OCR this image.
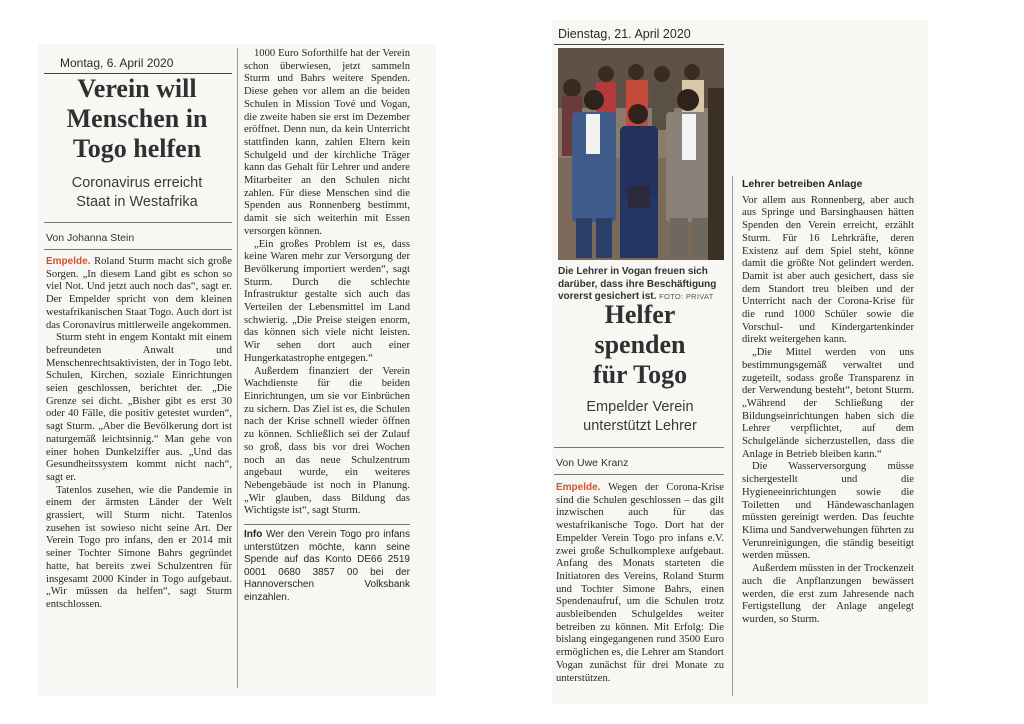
Montag, 6. April 2020
Verein will
Menschen in
Togo helfen
Coronavirus erreicht
Staat in Westafrika
Von Johanna Stein

Empelde. Roland Sturm macht sich große Sorgen. „In diesem Land gibt es schon so viel Not. Und jetzt auch noch das“, sagt er. Der Empelder spricht von dem kleinen westafrikanischen Staat Togo. Auch dort ist das Coronavirus mittlerweile angekommen.

Sturm steht in engem Kontakt mit einem befreundeten Anwalt und Menschenrechtsaktivisten, der in Togo lebt. Schulen, Kirchen, soziale Einrichtungen seien geschlossen, berichtet der. „Die Grenze sei dicht. „Bisher gibt es erst 30 oder 40 Fälle, die positiv getestet wurden“, sagt Sturm. „Aber die Bevölkerung dort ist naturgemäß leichtsinnig.“ Man gehe von einer hohen Dunkelziffer aus. „Und das Gesundheitssystem kommt nicht nach“, sagt er.

Tatenlos zusehen, wie die Pandemie in einem der ärmsten Länder der Welt grassiert, will Sturm nicht. Tatenlos zusehen ist sowieso nicht seine Art. Der Verein Togo pro infans, den er 2014 mit seiner Tochter Simone Bahrs gegründet hatte, hat bereits zwei Schulzentren für insgesamt 2000 Kinder in Togo aufgebaut. „Wir müssen da helfen“, sagt Sturm entschlossen.

1000 Euro Soforthilfe hat der Verein schon überwiesen, jetzt sammeln Sturm und Bahrs weitere Spenden. Diese gehen vor allem an die beiden Schulen in Mission Tové und Vogan, die zweite haben sie erst im Dezember eröffnet. Denn nun, da kein Unterricht stattfinden kann, zahlen Eltern kein Schulgeld und der kirchliche Träger kann das Gehalt für Lehrer und andere Mitarbeiter an den Schulen nicht zahlen. Für diese Menschen sind die Spenden aus Ronnenberg bestimmt, damit sie sich weiterhin mit Essen versorgen können.

„Ein großes Problem ist es, dass keine Waren mehr zur Versorgung der Bevölkerung importiert werden“, sagt Sturm. Durch die schlechte Infrastruktur gestalte sich auch das Verteilen der Lebensmittel im Land schwierig. „Die Preise steigen enorm, das können sich viele nicht leisten. Wir sehen dort auch einer Hungerkatastrophe entgegen.“

Außerdem finanziert der Verein Wachdienste für die beiden Einrichtungen, um sie vor Einbrüchen zu sichern. Das Ziel ist es, die Schulen nach der Krise schnell wieder öffnen zu können. Schließlich sei der Zulauf so groß, dass bis vor drei Wochen noch an das neue Schulzentrum angebaut wurde, ein weiteres Nebengebäude ist noch in Planung. „Wir glauben, dass Bildung das Wichtigste ist“, sagt Sturm.

Info Wer den Verein Togo pro infans unterstützen möchte, kann seine Spende auf das Konto DE66 2519 0001 0680 3857 00 bei der Hannoverschen Volksbank einzahlen.

Dienstag, 21. April 2020
Die Lehrer in Vogan freuen sich darüber, dass ihre Beschäftigung vorerst gesichert ist. FOTO: PRIVAT
Helfer
spenden
für Togo
Empelder Verein
unterstützt Lehrer
Von Uwe Kranz

Empelde. Wegen der Corona-Krise sind die Schulen geschlossen – das gilt inzwischen auch für das westafrikanische Togo. Dort hat der Empelder Verein Togo pro infans e.V. zwei große Schulkomplexe aufgebaut. Anfang des Monats starteten die Initiatoren des Vereins, Roland Sturm und Tochter Simone Bahrs, einen Spendenaufruf, um die Schulen trotz ausbleibenden Schulgeldes weiter betreiben zu können. Mit Erfolg: Die bislang eingegangenen rund 3500 Euro ermöglichen es, die Lehrer am Standort Vogan zunächst für drei Monate zu unterstützen.

Lehrer betreiben Anlage

Vor allem aus Ronnenberg, aber auch aus Springe und Barsinghausen hätten Spenden den Verein erreicht, erzählt Sturm. Für 16 Lehrkräfte, deren Existenz auf dem Spiel steht, könne damit die größte Not gelindert werden. Damit ist aber auch gesichert, dass sie dem Standort treu bleiben und der Unterricht nach der Corona-Krise für die rund 1000 Schüler sowie die Vorschul- und Kindergartenkinder direkt weitergehen kann.

„Die Mittel werden von uns bestimmungsgemäß verwaltet und zugeteilt, sodass große Transparenz in der Verwendung besteht“, betont Sturm. „Während der Schließung der Bildungseinrichtungen haben sich die Lehrer verpflichtet, auf dem Schulgelände sicherzustellen, dass die Anlage in Betrieb bleiben kann.“

Die Wasserversorgung müsse sichergestellt und die Hygieneeinrichtungen sowie die Toiletten und Händewaschanlagen müssten gereinigt werden. Das feuchte Klima und Sandverwehungen führten zu Verunreinigungen, die ständig beseitigt werden müssen.

Außerdem müssten in der Trockenzeit auch die Anpflanzungen bewässert werden, die erst zum Jahresende nach Fertigstellung der Anlage angelegt wurden, so Sturm.
